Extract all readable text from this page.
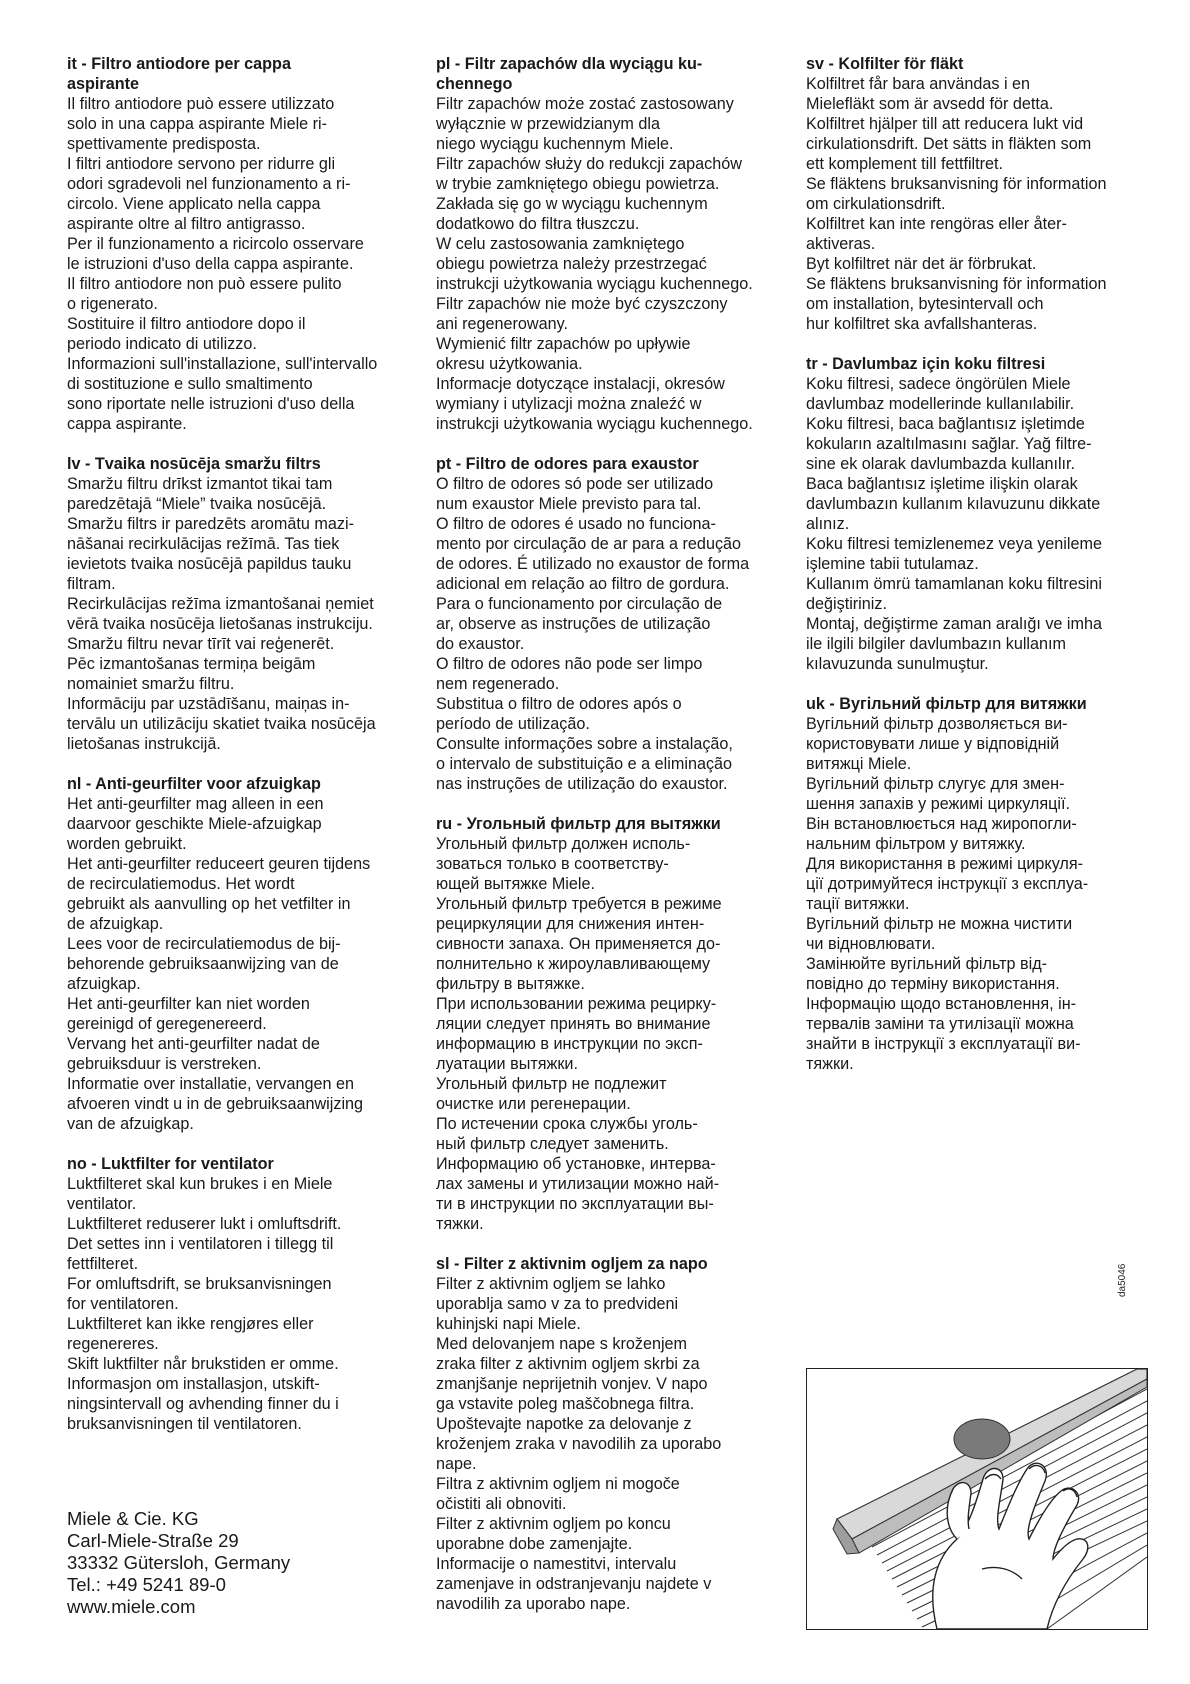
it - Filtro antiodore per cappa
aspirante

Il filtro antiodore può essere utilizzato
solo in una cappa aspirante Miele ri-
spettivamente predisposta.
I filtri antiodore servono per ridurre gli
odori sgradevoli nel funzionamento a ri-
circolo. Viene applicato nella cappa
aspirante oltre al filtro antigrasso.
Per il funzionamento a ricircolo osservare
le istruzioni d'uso della cappa aspirante.
Il filtro antiodore non può essere pulito
o rigenerato.
Sostituire il filtro antiodore dopo il
periodo indicato di utilizzo.
Informazioni sull'installazione, sull'intervallo
di sostituzione e sullo smaltimento
sono riportate nelle istruzioni d'uso della
cappa aspirante.

lv - Tvaika nosūcēja smaržu filtrs

Smaržu filtru drīkst izmantot tikai tam
paredzētajā “Miele” tvaika nosūcējā.
Smaržu filtrs ir paredzēts aromātu mazi-
nāšanai recirkulācijas režīmā. Tas tiek
ievietots tvaika nosūcējā papildus tauku
filtram.
Recirkulācijas režīma izmantošanai ņemiet
vērā tvaika nosūcēja lietošanas instrukciju.
Smaržu filtru nevar tīrīt vai reģenerēt.
Pēc izmantošanas termiņa beigām
nomainiet smaržu filtru.
Informāciju par uzstādīšanu, maiņas in-
tervālu un utilizāciju skatiet tvaika nosūcēja
lietošanas instrukcijā.

nl - Anti-geurfilter voor afzuigkap

Het anti-geurfilter mag alleen in een
daarvoor geschikte Miele-afzuigkap
worden gebruikt.
Het anti-geurfilter reduceert geuren tijdens
de recirculatiemodus. Het wordt
gebruikt als aanvulling op het vetfilter in
de afzuigkap.
Lees voor de recirculatiemodus de bij-
behorende gebruiksaanwijzing van de
afzuigkap.
Het anti-geurfilter kan niet worden
gereinigd of geregenereerd.
Vervang het anti-geurfilter nadat de
gebruiksduur is verstreken.
Informatie over installatie, vervangen en
afvoeren vindt u in de gebruiksaanwijzing
van de afzuigkap.

no - Luktfilter for ventilator

Luktfilteret skal kun brukes i en Miele
ventilator.
Luktfilteret reduserer lukt i omluftsdrift.
Det settes inn i ventilatoren i tillegg til
fettfilteret.
For omluftsdrift, se bruksanvisningen
for ventilatoren.
Luktfilteret kan ikke rengjøres eller
regenereres.
Skift luktfilter når brukstiden er omme.
Informasjon om installasjon, utskift-
ningsintervall og avhending finner du i
bruksanvisningen til ventilatoren.

pl - Filtr zapachów dla wyciągu ku-
chennego

Filtr zapachów może zostać zastosowany
wyłącznie w przewidzianym dla
niego wyciągu kuchennym Miele.
Filtr zapachów służy do redukcji zapachów
w trybie zamkniętego obiegu powietrza.
Zakłada się go w wyciągu kuchennym
dodatkowo do filtra tłuszczu.
W celu zastosowania zamkniętego
obiegu powietrza należy przestrzegać
instrukcji użytkowania wyciągu kuchennego.
Filtr zapachów nie może być czyszczony
ani regenerowany.
Wymienić filtr zapachów po upływie
okresu użytkowania.
Informacje dotyczące instalacji, okresów
wymiany i utylizacji można znaleźć w
instrukcji użytkowania wyciągu kuchennego.

pt - Filtro de odores para exaustor

O filtro de odores só pode ser utilizado
num exaustor Miele previsto para tal.
O filtro de odores é usado no funciona-
mento por circulação de ar para a redução
de odores. É utilizado no exaustor de forma
adicional em relação ao filtro de gordura.
Para o funcionamento por circulação de
ar, observe as instruções de utilização
do exaustor.
O filtro de odores não pode ser limpo
nem regenerado.
Substitua o filtro de odores após o
período de utilização.
Consulte informações sobre a instalação,
o intervalo de substituição e a eliminação
nas instruções de utilização do exaustor.

ru - Угольный фильтр для вытяжки

Угольный фильтр должен исполь-
зоваться только в соответству-
ющей вытяжке Miele.
Угольный фильтр требуется в режиме
рециркуляции для снижения интен-
сивности запаха. Он применяется до-
полнительно к жироулавливающему
фильтру в вытяжке.
При использовании режима рецирку-
ляции следует принять во внимание
информацию в инструкции по эксп-
луатации вытяжки.
Угольный фильтр не подлежит
очистке или регенерации.
По истечении срока службы уголь-
ный фильтр следует заменить.
Информацию об установке, интерва-
лах замены и утилизации можно най-
ти в инструкции по эксплуатации вы-
тяжки.

sl - Filter z aktivnim ogljem za napo

Filter z aktivnim ogljem se lahko
uporablja samo v za to predvideni
kuhinjski napi Miele.
Med delovanjem nape s kroženjem
zraka filter z aktivnim ogljem skrbi za
zmanjšanje neprijetnih vonjev. V napo
ga vstavite poleg maščobnega filtra.
Upoštevajte napotke za delovanje z
kroženjem zraka v navodilih za uporabo
nape.
Filtra z aktivnim ogljem ni mogoče
očistiti ali obnoviti.
Filter z aktivnim ogljem po koncu
uporabne dobe zamenjajte.
Informacije o namestitvi, intervalu
zamenjave in odstranjevanju najdete v
navodilih za uporabo nape.

sv - Kolfilter för fläkt

Kolfiltret får bara användas i en
Mielefläkt som är avsedd för detta.
Kolfiltret hjälper till att reducera lukt vid
cirkulationsdrift. Det sätts in fläkten som
ett komplement till fettfiltret.
Se fläktens bruksanvisning för information
om cirkulationsdrift.
Kolfiltret kan inte rengöras eller åter-
aktiveras.
Byt kolfiltret när det är förbrukat.
Se fläktens bruksanvisning för information
om installation, bytesintervall och
hur kolfiltret ska avfallshanteras.

tr - Davlumbaz için koku filtresi

Koku filtresi, sadece öngörülen Miele
davlumbaz modellerinde kullanılabilir.
Koku filtresi, baca bağlantısız işletimde
kokuların azaltılmasını sağlar. Yağ filtre-
sine ek olarak davlumbazda kullanılır.
Baca bağlantısız işletime ilişkin olarak
davlumbazın kullanım kılavuzunu dikkate
alınız.
Koku filtresi temizlenemez veya yenileme
işlemine tabii tutulamaz.
Kullanım ömrü tamamlanan koku filtresini
değiştiriniz.
Montaj, değiştirme zaman aralığı ve imha
ile ilgili bilgiler davlumbazın kullanım
kılavuzunda sunulmuştur.

uk - Вугільний фільтр для витяжки

Вугільний фільтр дозволяється ви-
користовувати лише у відповідній
витяжці Miele.
Вугільний фільтр слугує для змен-
шення запахів у режимі циркуляції.
Він встановлюється над жиропогли-
нальним фільтром у витяжку.
Для використання в режимі циркуля-
ції дотримуйтеся інструкції з експлуа-
тації витяжки.
Вугільний фільтр не можна чистити
чи відновлювати.
Замінюйте вугільний фільтр від-
повідно до терміну використання.
Інформацію щодо встановлення, ін-
тервалів заміни та утилізації можна
знайти в інструкції з експлуатації ви-
тяжки.

Miele & Cie. KG
Carl-Miele-Straße 29
33332 Gütersloh, Germany
Tel.: +49 5241 89-0
www.miele.com
da5046
